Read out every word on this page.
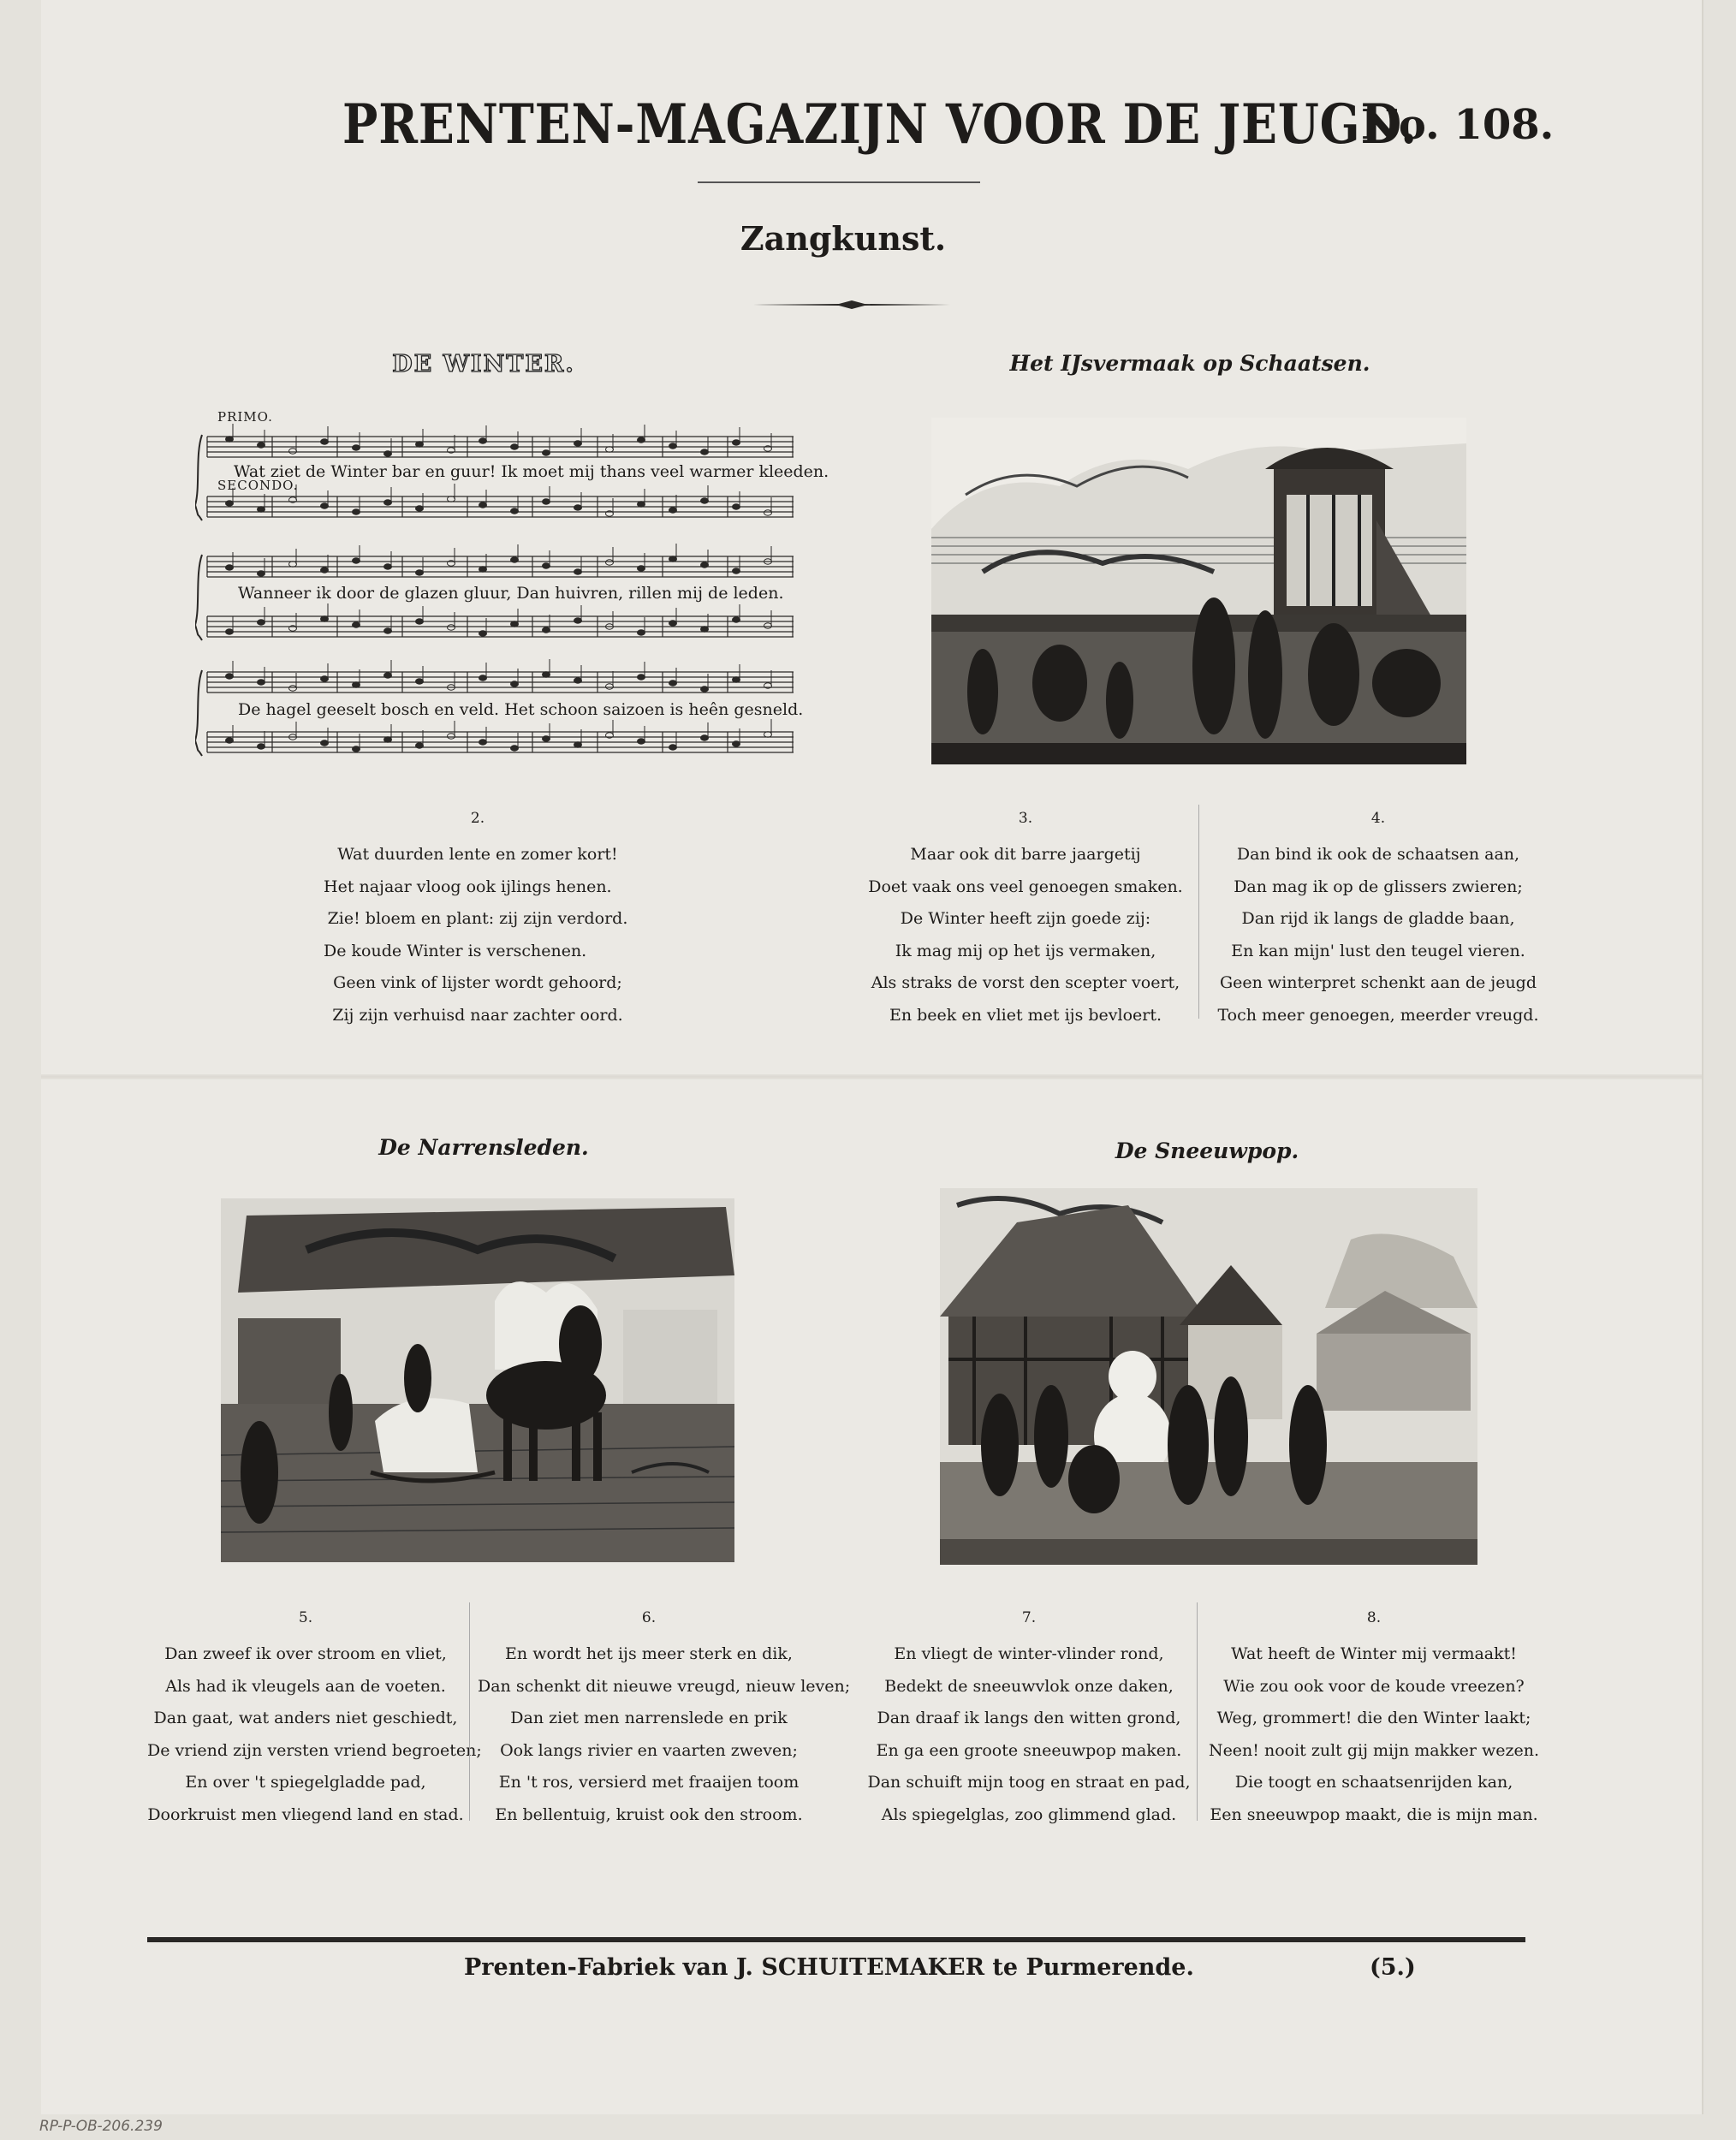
PRENTEN-MAGAZIJN VOOR DE JEUGD.
No. 108.
Zangkunst.
DE WINTER.
PRIMO.
SECONDO.
Wat ziet de Winter bar en guur! Ik moet mij thans veel warmer kleeden.
Wanneer ik door de glazen gluur, Dan huivren, rillen mij de leden.
De hagel geeselt bosch en veld. Het schoon saizoen is heên gesneld.
Het IJsvermaak op Schaatsen.
De Narrensleden.	De Sneeuwpop.
2.
Wat duurden lente en zomer kort!
Het najaar vloog ook ijlings henen.
Zie! bloem en plant: zij zijn verdord.
De koude Winter is verschenen.
Geen vink of lijster wordt gehoord;
Zij zijn verhuisd naar zachter oord.
3.
Maar ook dit barre jaargetij
Doet vaak ons veel genoegen smaken.
De Winter heeft zijn goede zij:
Ik mag mij op het ijs vermaken,
Als straks de vorst den scepter voert,
En beek en vliet met ijs bevloert.
4.
Dan bind ik ook de schaatsen aan,
Dan mag ik op de glissers zwieren;
Dan rijd ik langs de gladde baan,
En kan mijn' lust den teugel vieren.
Geen winterpret schenkt aan de jeugd
Toch meer genoegen, meerder vreugd.
5.
Dan zweef ik over stroom en vliet,
Als had ik vleugels aan de voeten.
Dan gaat, wat anders niet geschiedt,
De vriend zijn versten vriend begroeten;
En over 't spiegelgladde pad,
Doorkruist men vliegend land en stad.
6.
En wordt het ijs meer sterk en dik,
Dan schenkt dit nieuwe vreugd, nieuw leven;
Dan ziet men narrenslede en prik
Ook langs rivier en vaarten zweven;
En 't ros, versierd met fraaijen toom
En bellentuig, kruist ook den stroom.
7.
En vliegt de winter-vlinder rond,
Bedekt de sneeuwvlok onze daken,
Dan draaf ik langs den witten grond,
En ga een groote sneeuwpop maken.
Dan schuift mijn toog en straat en pad,
Als spiegelglas, zoo glimmend glad.
8.
Wat heeft de Winter mij vermaakt!
Wie zou ook voor de koude vreezen?
Weg, grommert! die den Winter laakt;
Neen! nooit zult gij mijn makker wezen.
Die toogt en schaatsenrijden kan,
Een sneeuwpop maakt, die is mijn man.
Prenten-Fabriek van J. SCHUITEMAKER te Purmerende.	(5.)
RP-P-OB-206.239
